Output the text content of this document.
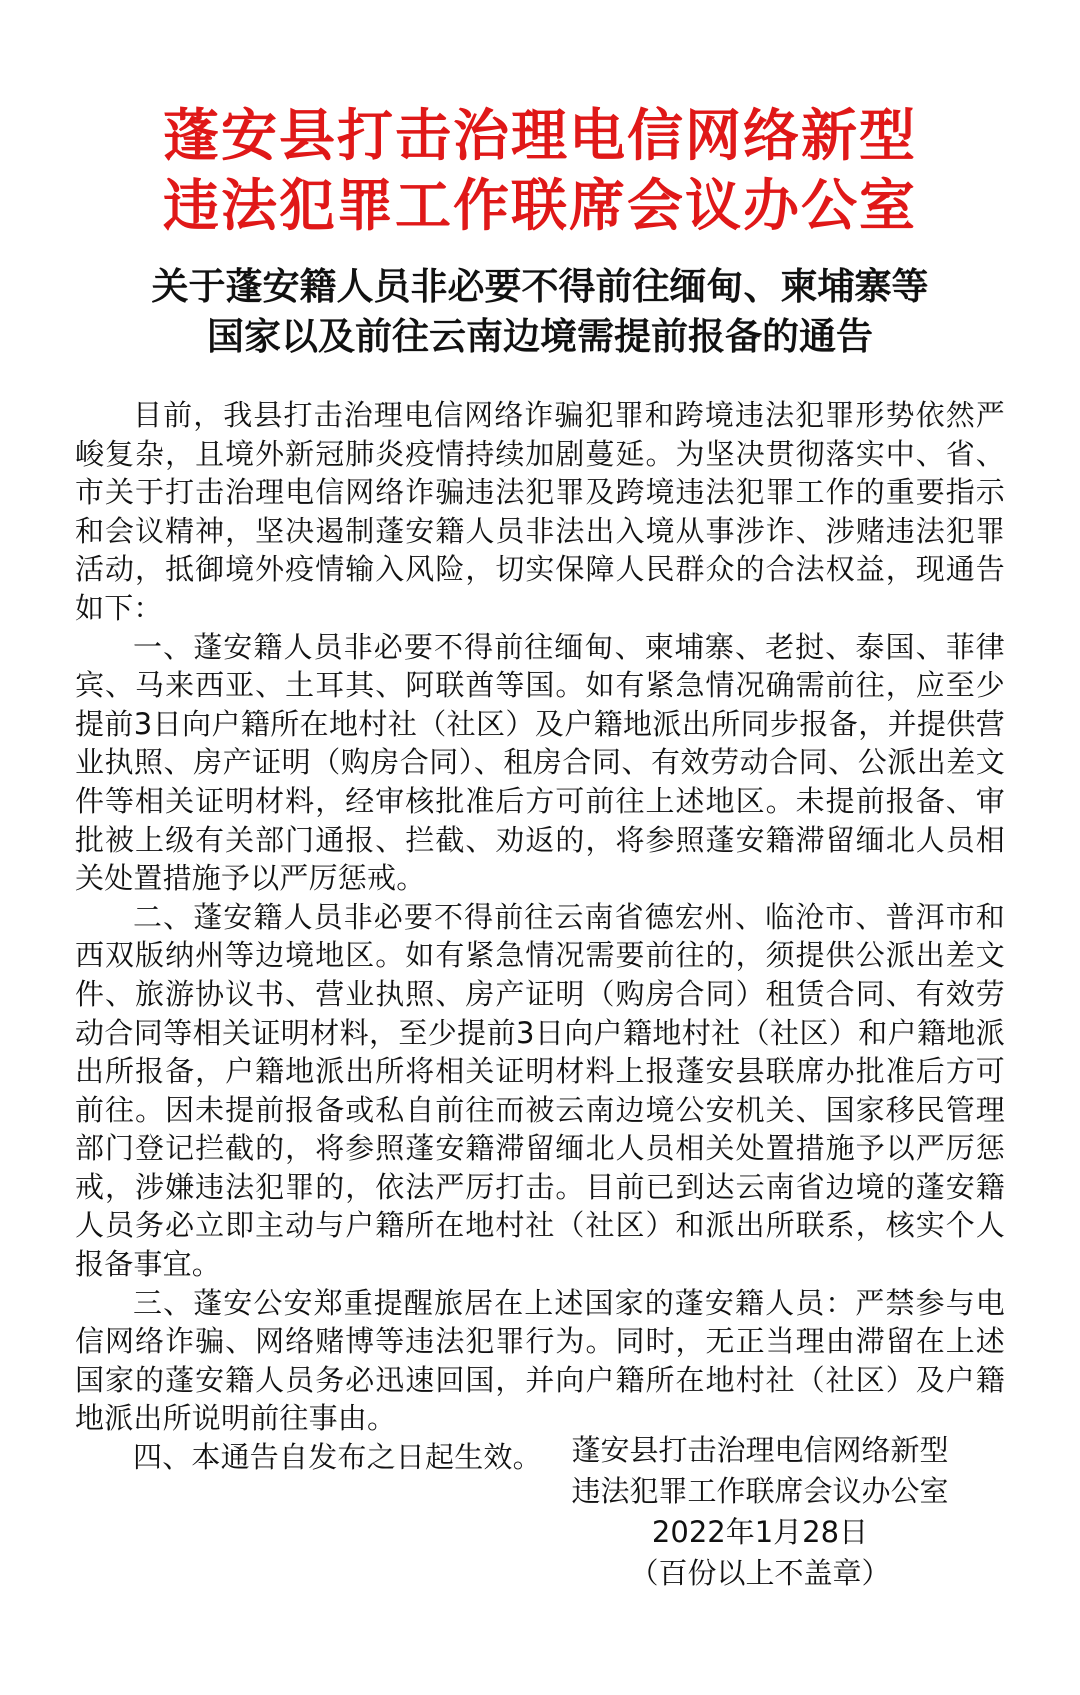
蓬安县打击治理电信网络新型
违法犯罪工作联席会议办公室
关于蓬安籍人员非必要不得前往缅甸、柬埔寨等
国家以及前往云南边境需提前报备的通告

目前，我县打击治理电信网络诈骗犯罪和跨境违法犯罪形势依然严峻复杂，且境外新冠肺炎疫情持续加剧蔓延。为坚决贯彻落实中、省、市关于打击治理电信网络诈骗违法犯罪及跨境违法犯罪工作的重要指示和会议精神，坚决遏制蓬安籍人员非法出入境从事涉诈、涉赌违法犯罪活动，抵御境外疫情输入风险，切实保障人民群众的合法权益，现通告如下：

一、蓬安籍人员非必要不得前往缅甸、柬埔寨、老挝、泰国、菲律宾、马来西亚、土耳其、阿联酋等国。如有紧急情况确需前往，应至少提前3日向户籍所在地村社（社区）及户籍地派出所同步报备，并提供营业执照、房产证明（购房合同）、租房合同、有效劳动合同、公派出差文件等相关证明材料，经审核批准后方可前往上述地区。未提前报备、审批被上级有关部门通报、拦截、劝返的，将参照蓬安籍滞留缅北人员相关处置措施予以严厉惩戒。

二、蓬安籍人员非必要不得前往云南省德宏州、临沧市、普洱市和西双版纳州等边境地区。如有紧急情况需要前往的，须提供公派出差文件、旅游协议书、营业执照、房产证明（购房合同）租赁合同、有效劳动合同等相关证明材料，至少提前3日向户籍地村社（社区）和户籍地派出所报备，户籍地派出所将相关证明材料上报蓬安县联席办批准后方可前往。因未提前报备或私自前往而被云南边境公安机关、国家移民管理部门登记拦截的，将参照蓬安籍滞留缅北人员相关处置措施予以严厉惩戒，涉嫌违法犯罪的，依法严厉打击。目前已到达云南省边境的蓬安籍人员务必立即主动与户籍所在地村社（社区）和派出所联系，核实个人报备事宜。

三、蓬安公安郑重提醒旅居在上述国家的蓬安籍人员：严禁参与电信网络诈骗、网络赌博等违法犯罪行为。同时，无正当理由滞留在上述国家的蓬安籍人员务必迅速回国，并向户籍所在地村社（社区）及户籍地派出所说明前往事由。

四、本通告自发布之日起生效。	蓬安县打击治理电信网络新型
违法犯罪工作联席会议办公室
2022年1月28日
（百份以上不盖章）
